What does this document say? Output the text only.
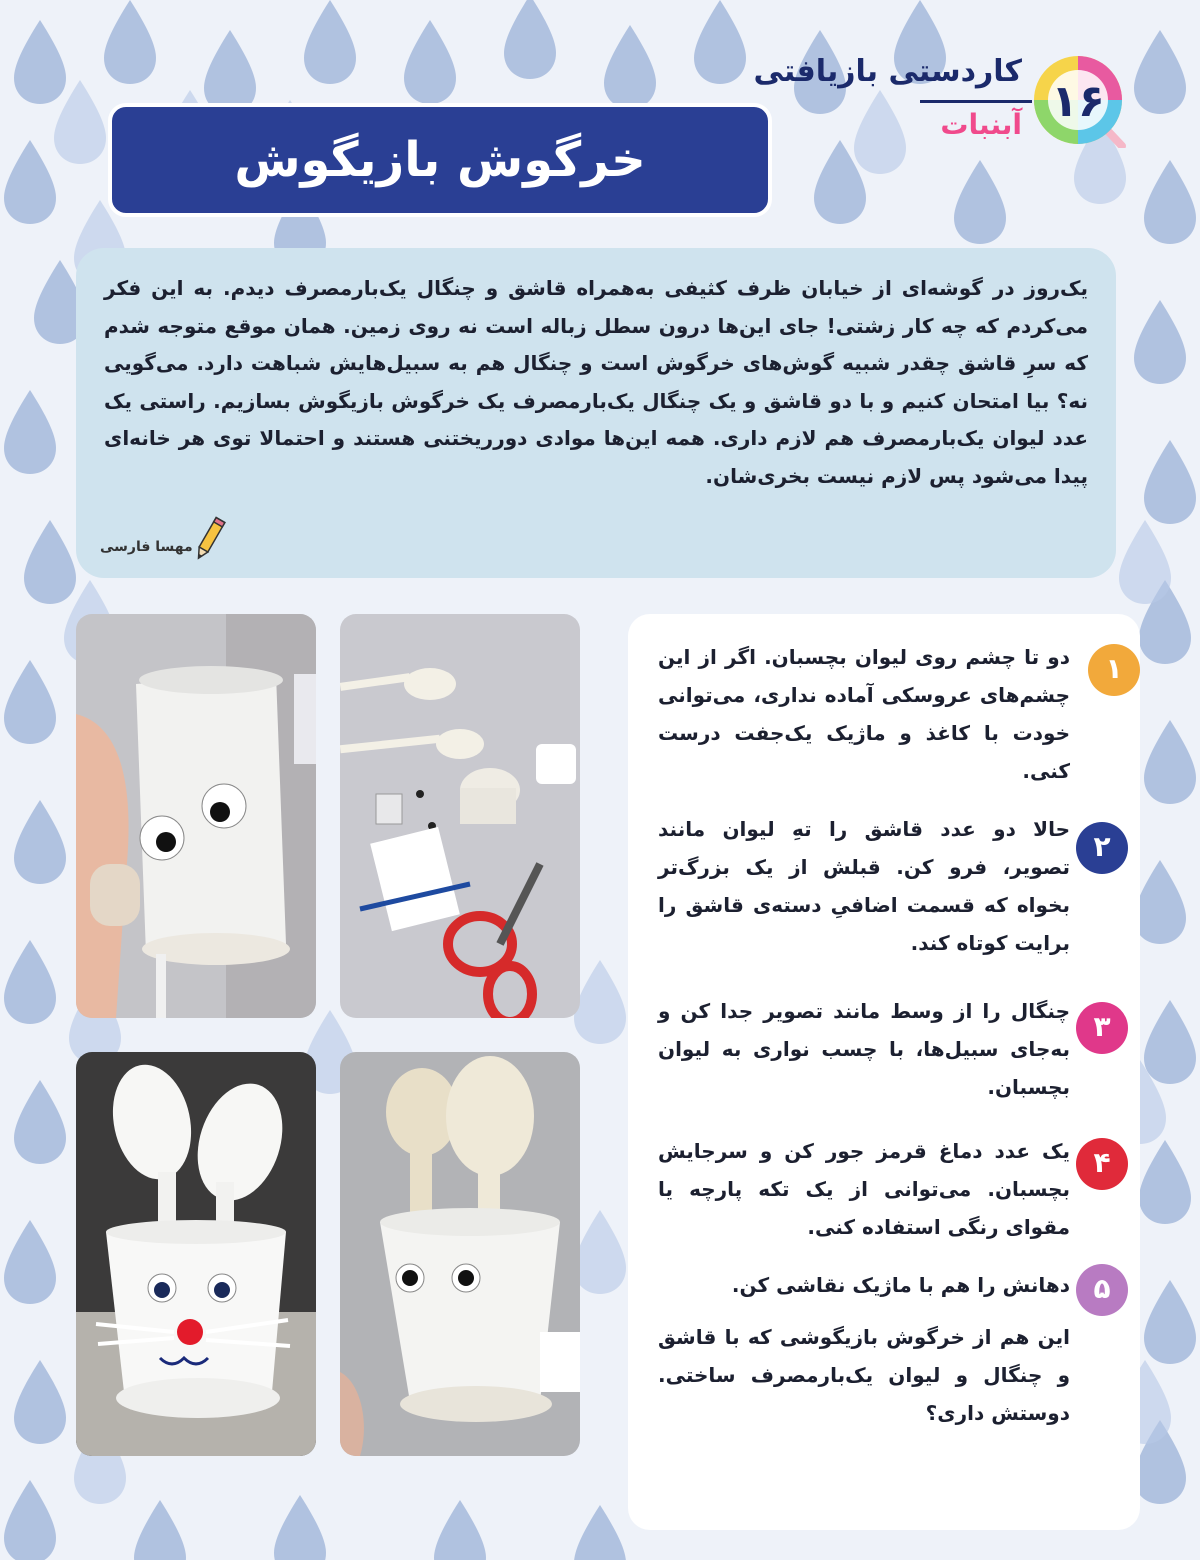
۱۶
کاردستی بازیافتی
آبنبات
خرگوش بازیگوش
یک‌روز در گوشه‌ای از خیابان ظرف کثیفی به‌همراه قاشق و چنگال یک‌بارمصرف دیدم. به این فکر می‌کردم که چه کار زشتی! جای این‌ها درون سطل زباله است نه روی زمین. همان موقع متوجه شدم که سرِ قاشق چقدر شبیه گوش‌های خرگوش است و چنگال هم به سبیل‌هایش شباهت دارد. می‌گویی نه؟ بیا امتحان کنیم و با دو قاشق و یک چنگال یک‌بارمصرف یک خرگوش بازیگوش بسازیم. راستی یک عدد لیوان یک‌بارمصرف هم لازم داری. همه این‌ها موادی دورریختنی هستند و احتمالا توی هر خانه‌ای پیدا می‌شود پس لازم نیست بخری‌شان.
مهسا فارسی
۱
دو تا چشم روی لیوان بچسبان. اگر از این چشم‌های عروسکی آماده نداری، می‌توانی خودت با کاغذ و ماژیک یک‌جفت درست کنی.
۲
حالا دو عدد قاشق را تهِ لیوان مانند تصویر، فرو کن. قبلش از یک بزرگ‌تر بخواه که قسمت اضافیِ دسته‌ی قاشق را برایت کوتاه کند.
۳
چنگال را از وسط مانند تصویر جدا کن و به‌جای سبیل‌ها، با چسب نواری به لیوان بچسبان.
۴
یک عدد دماغ قرمز جور کن و سرجایش بچسبان. می‌توانی از یک تکه پارچه یا مقوای رنگی استفاده کنی.
۵
دهانش را هم با ماژیک نقاشی کن.
این هم از خرگوش بازیگوشی که با قاشق و چنگال و لیوان یک‌بارمصرف ساختی. دوستش داری؟
